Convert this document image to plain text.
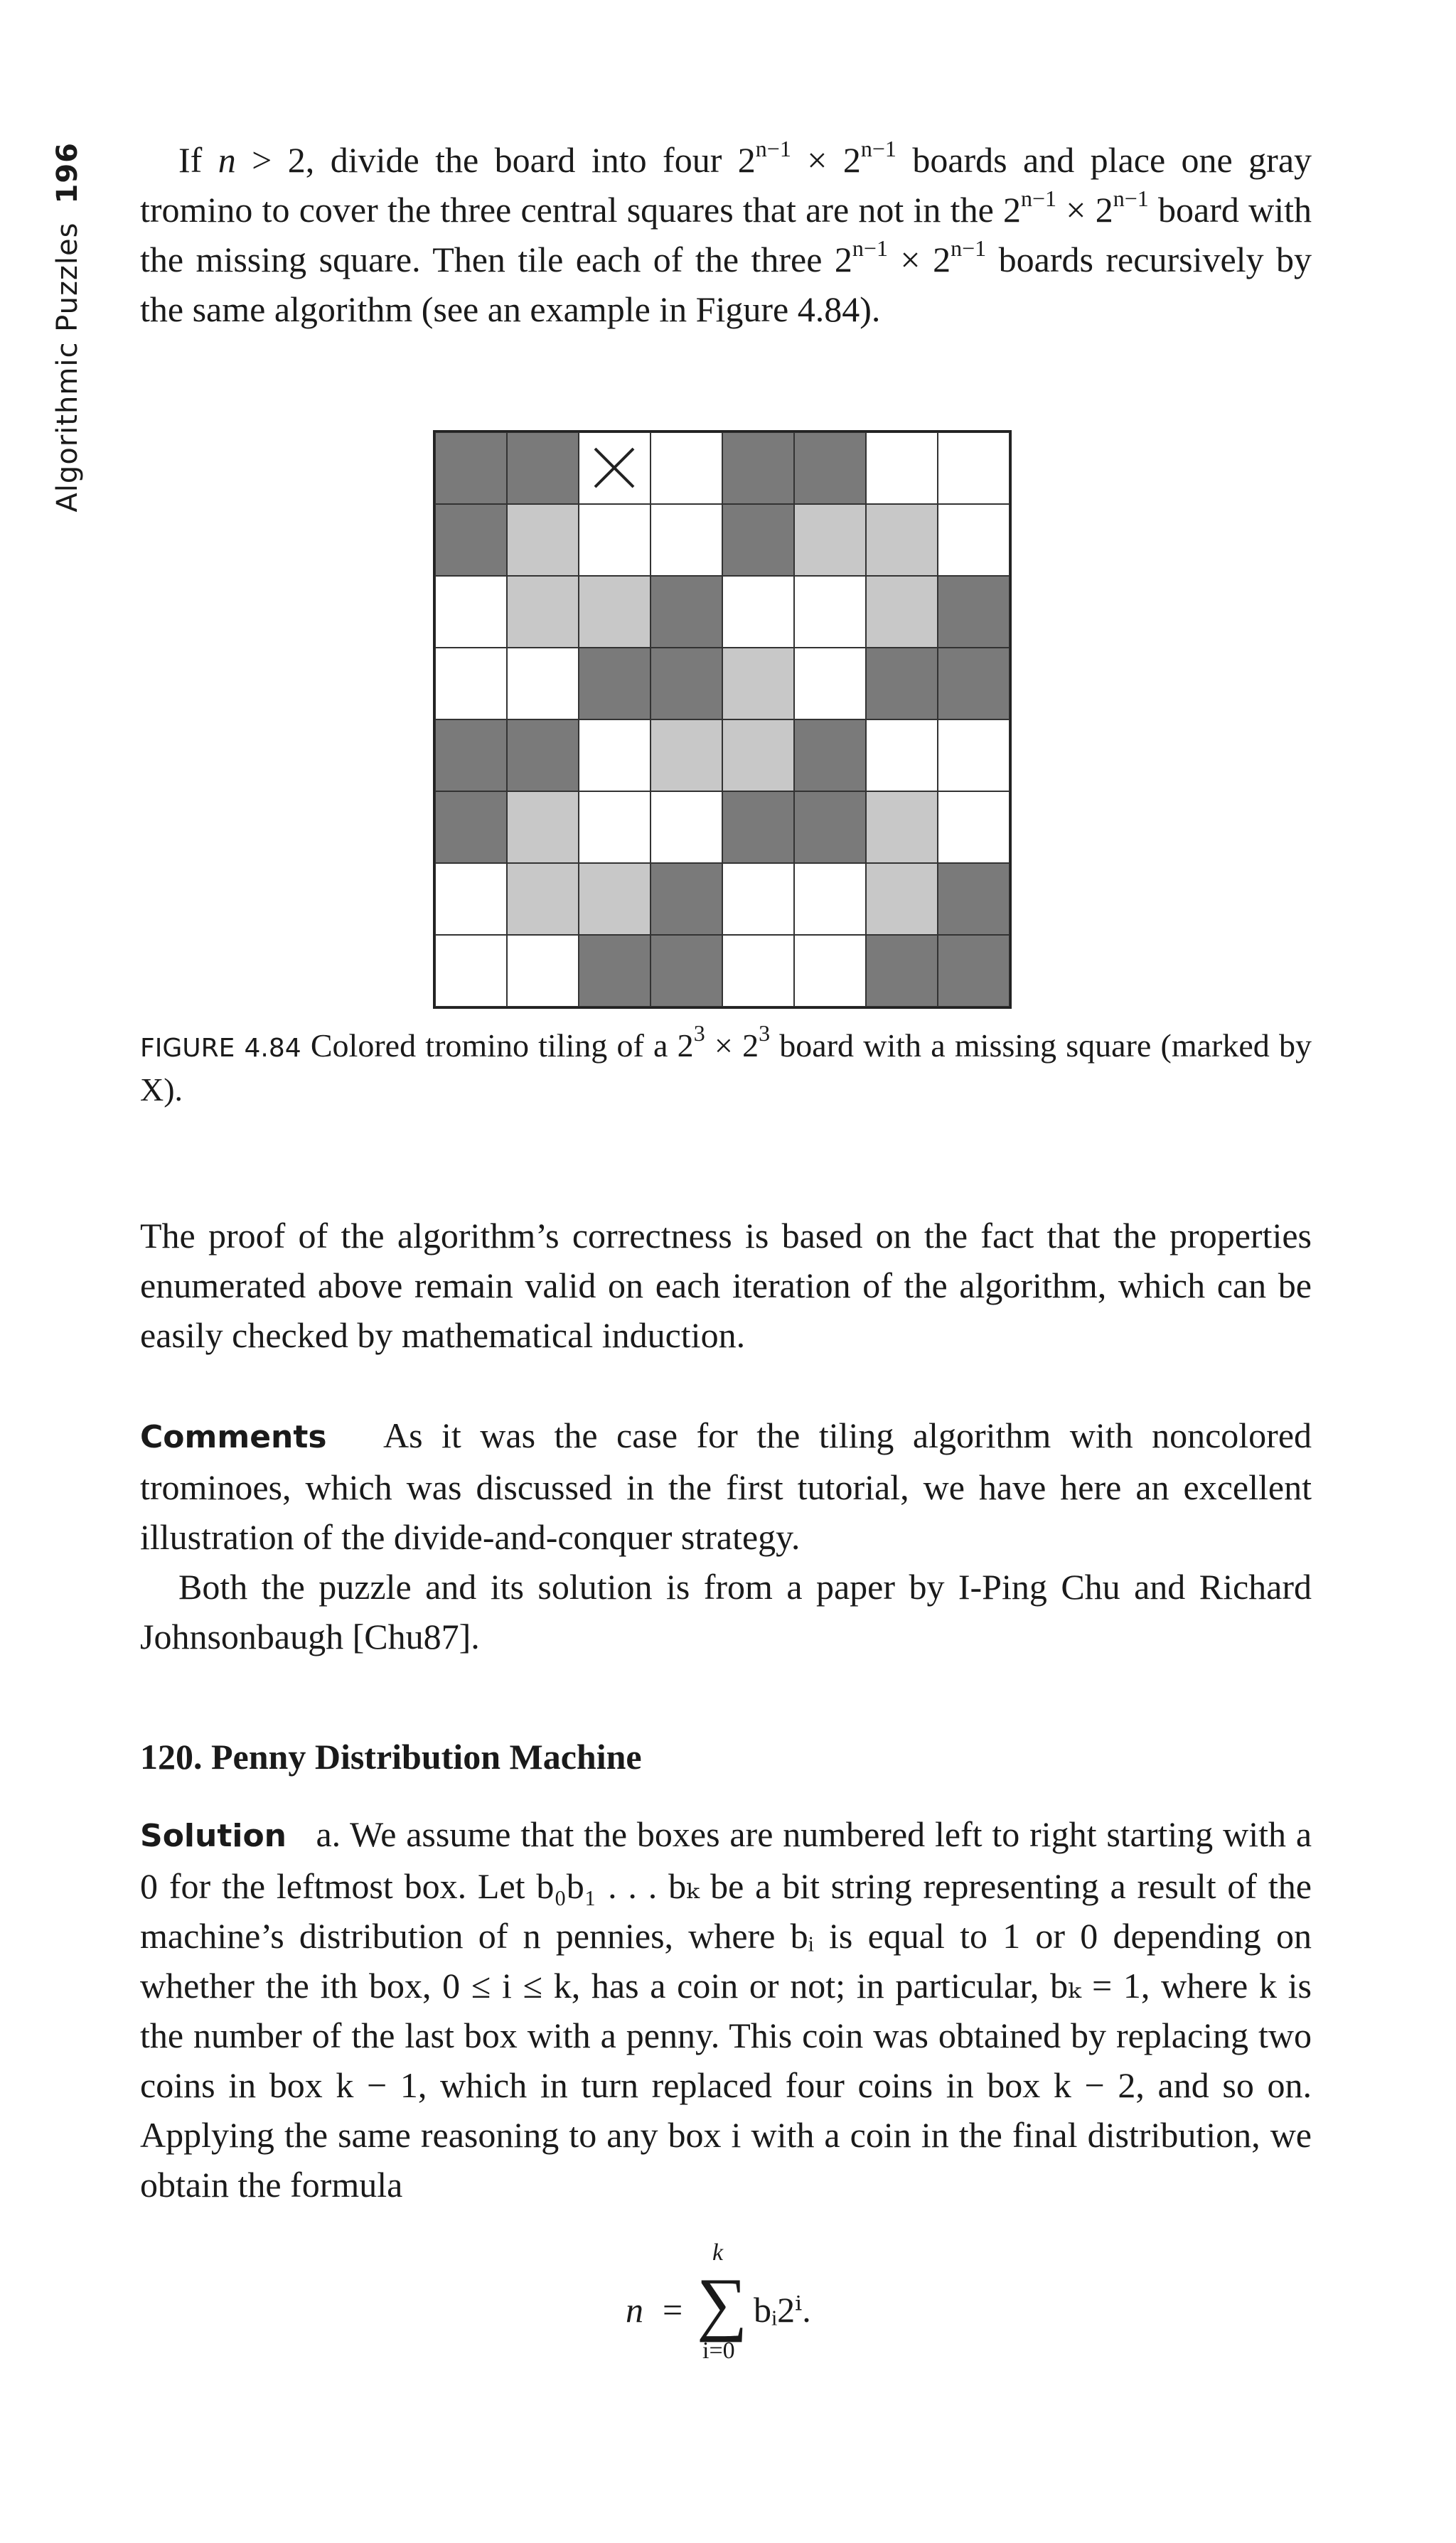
Algorithmic Puzzles196	If n > 2, divide the board into four $2^{n-1} \times 2^{n-1}$ boards and place one gray tromino to cover the three central squares that are not in the $2^{n-1} \times 2^{n-1}$ board with the missing square. Then tile each of the three $2^{n-1} \times 2^{n-1}$ boards recursively by the same algorithm (see an example in Figure 4.84).

FIGURE 4.84 Colored tromino tiling of a $2^3 \times 2^3$ board with a missing square (marked by X).

The proof of the algorithm’s correctness is based on the fact that the properties enumerated above remain valid on each iteration of the algorithm, which can be easily checked by mathematical induction.

Comments As it was the case for the tiling algorithm with noncolored trominoes, which was discussed in the first tutorial, we have here an excellent illustration of the divide-and-conquer strategy.

Both the puzzle and its solution is from a paper by I-Ping Chu and Richard Johnsonbaugh [Chu87].

120. Penny Distribution Machine

Solution a. We assume that the boxes are numbered left to right starting with a 0 for the leftmost box. Let b₀b₁ . . . bₖ be a bit string representing a result of the machine’s distribution of n pennies, where bᵢ is equal to 1 or 0 depending on whether the ith box, 0 ≤ i ≤ k, has a coin or not; in particular, bₖ = 1, where k is the number of the last box with a penny. This coin was obtained by replacing two coins in box k − 1, which in turn replaced four coins in box k − 2, and so on. Applying the same reasoning to any box i with a coin in the final distribution, we obtain the formula

n =
k
∑
i=0
bᵢ2ⁱ.
